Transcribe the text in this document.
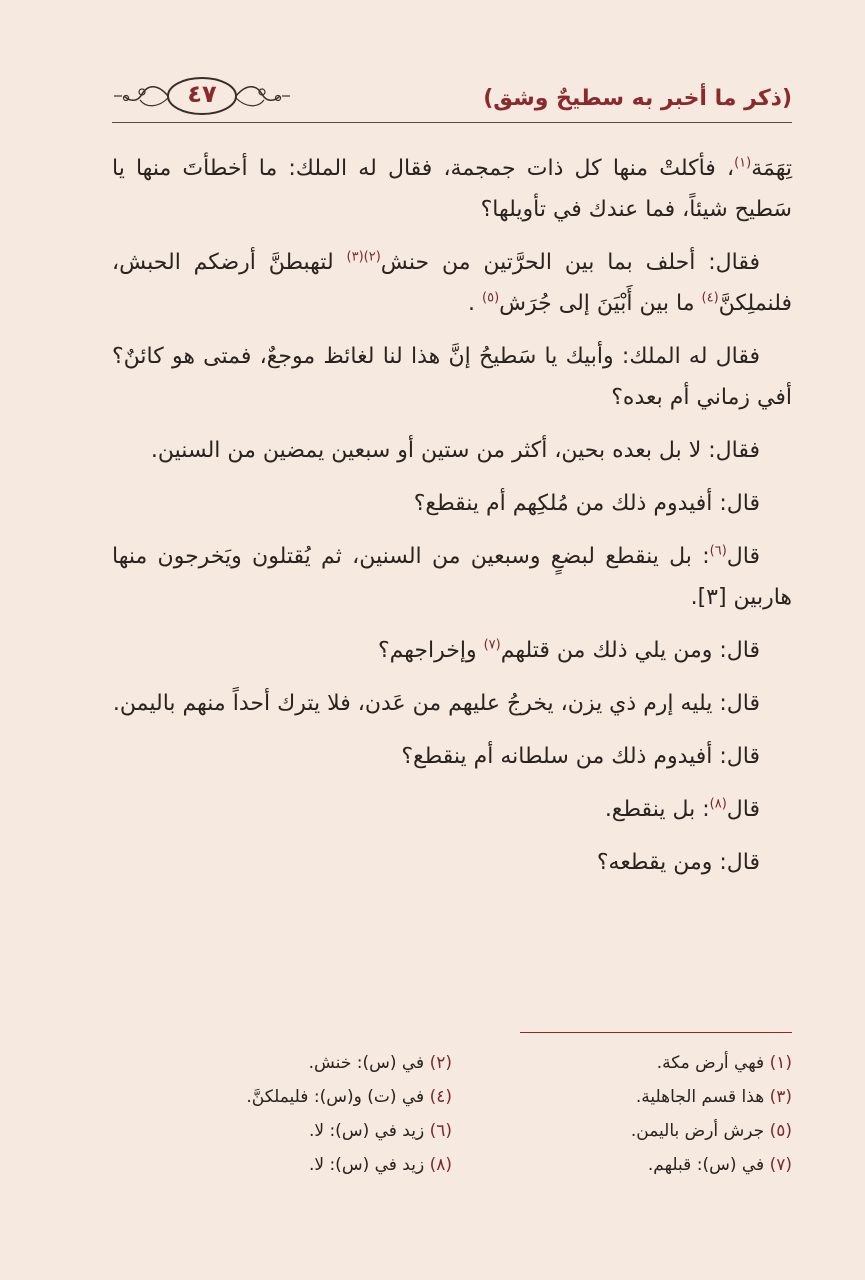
٤٧	(ذكر ما أخبر به سطيحٌ وشق)

تِهَمَة$^{(١)}$، فأكلتْ منها كل ذات جمجمة، فقال له الملك: ما أخطأتَ منها يا سَطيح شيئاً، فما عندك في تأويلها؟

فقال: أحلف بما بين الحرَّتين من حنش$^{(٢)(٣)}$ لتهبطنَّ أرضكم الحبش، فلنملِكنَّ$^{(٤)}$ ما بين أَبْيَنَ إلى جُرَش$^{(٥)}$ .

فقال له الملك: وأبيك يا سَطيحُ إنَّ هذا لنا لغائظ موجعٌ، فمتى هو كائنٌ؟ أفي زماني أم بعده؟

فقال: لا بل بعده بحين، أكثر من ستين أو سبعين يمضين من السنين.

قال: أفيدوم ذلك من مُلكِهم أم ينقطع؟

قال$^{(٦)}$: بل ينقطع لبضعٍ وسبعين من السنين، ثم يُقتلون ويَخرجون منها هاربين [٣].

قال: ومن يلي ذلك من قتلهم$^{(٧)}$ وإخراجهم؟

قال: يليه إرم ذي يزن، يخرجُ عليهم من عَدن، فلا يترك أحداً منهم باليمن.

قال: أفيدوم ذلك من سلطانه أم ينقطع؟

قال$^{(٨)}$: بل ينقطع.

قال: ومن يقطعه؟

(١) فهي أرض مكة.
(٢) في (س): خنش.
(٣) هذا قسم الجاهلية.
(٤) في (ت) و(س): فليملكنَّ.
(٥) جرش أرض باليمن.
(٦) زيد في (س): لا.
(٧) في (س): قبلهم.
(٨) زيد في (س): لا.
